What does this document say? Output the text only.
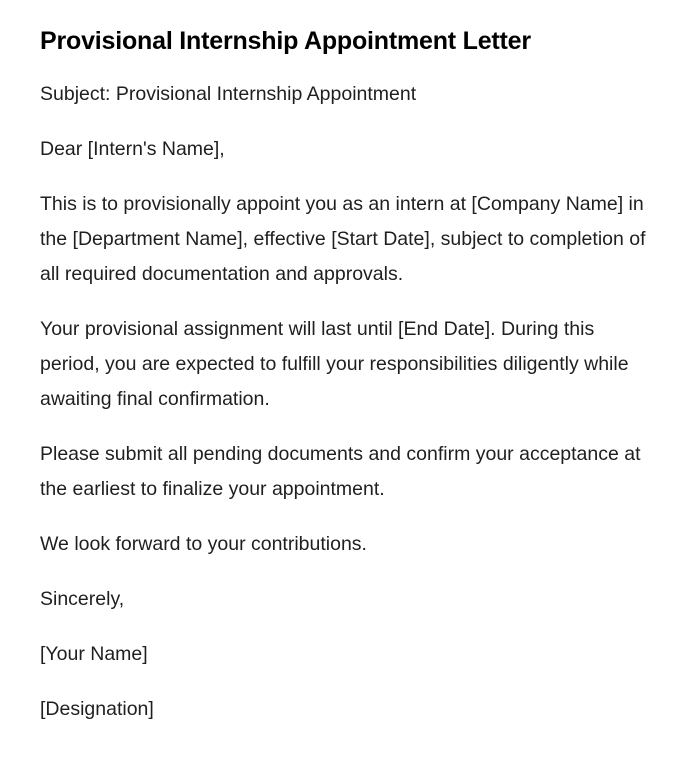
Provisional Internship Appointment Letter

Subject: Provisional Internship Appointment

Dear [Intern's Name],

This is to provisionally appoint you as an intern at [Company Name] in the [Department Name], effective [Start Date], subject to completion of all required documentation and approvals.

Your provisional assignment will last until [End Date]. During this period, you are expected to fulfill your responsibilities diligently while awaiting final confirmation.

Please submit all pending documents and confirm your acceptance at the earliest to finalize your appointment.

We look forward to your contributions.

Sincerely,

[Your Name]

[Designation]
